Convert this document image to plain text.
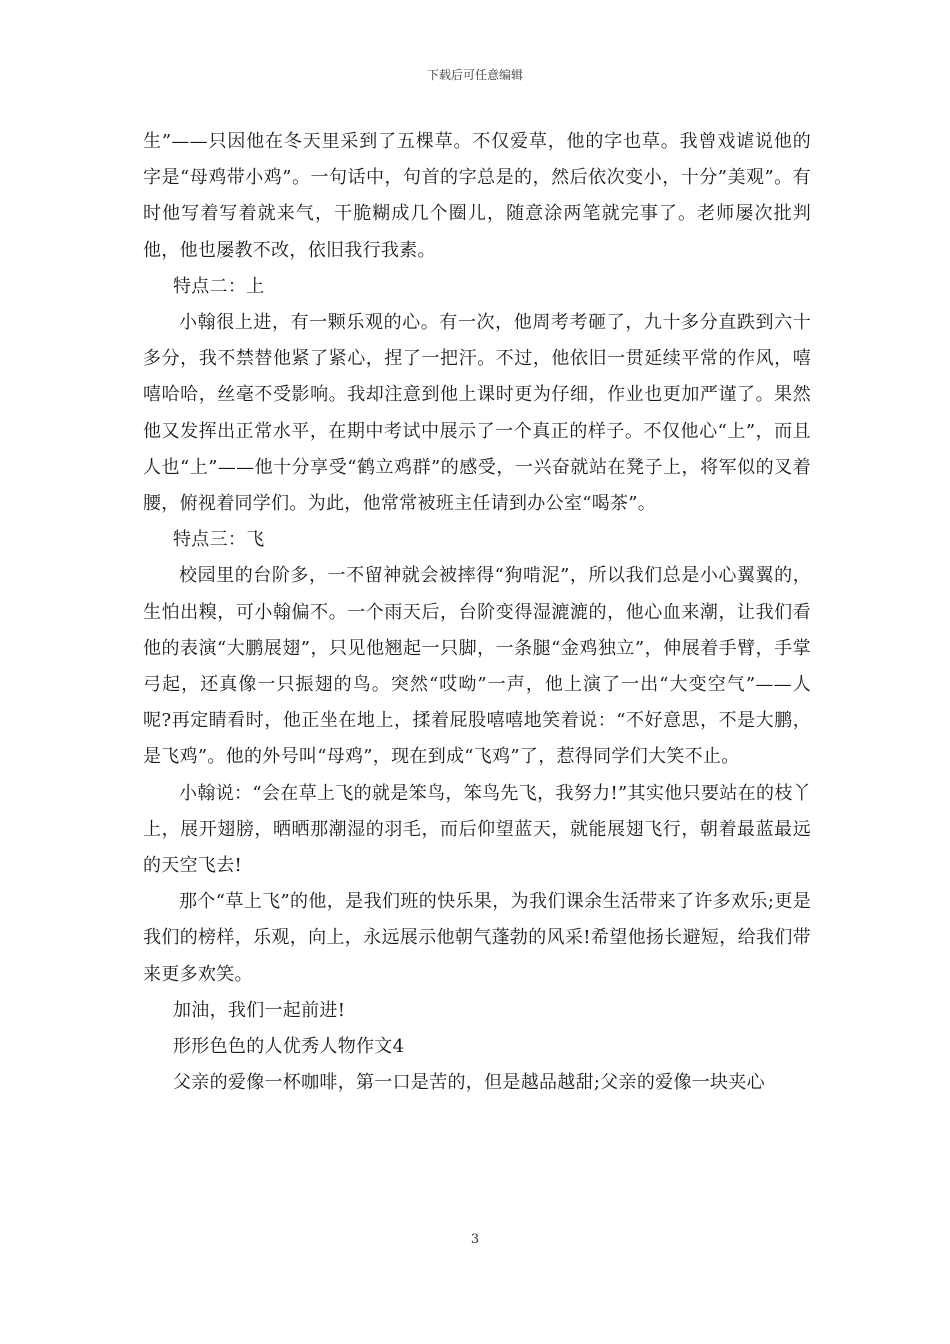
下载后可任意编辑

生”——只因他在冬天里采到了五棵草。不仅爱草，他的字也草。我曾戏谑说他的字是“母鸡带小鸡”。一句话中，句首的字总是的，然后依次变小，十分”美观”。有时他写着写着就来气，干脆糊成几个圈儿，随意涂两笔就完事了。老师屡次批判他，他也屡教不改，依旧我行我素。

特点二：上

小翰很上进，有一颗乐观的心。有一次，他周考考砸了，九十多分直跌到六十多分，我不禁替他紧了紧心，捏了一把汗。不过，他依旧一贯延续平常的作风，嘻嘻哈哈，丝毫不受影响。我却注意到他上课时更为仔细，作业也更加严谨了。果然他又发挥出正常水平，在期中考试中展示了一个真正的样子。不仅他心“上”，而且人也“上”——他十分享受“鹤立鸡群”的感受，一兴奋就站在凳子上，将军似的叉着腰，俯视着同学们。为此，他常常被班主任请到办公室“喝茶”。

特点三：飞

校园里的台阶多，一不留神就会被摔得“狗啃泥”，所以我们总是小心翼翼的，生怕出糗，可小翰偏不。一个雨天后，台阶变得湿漉漉的，他心血来潮，让我们看他的表演“大鹏展翅”，只见他翘起一只脚，一条腿“金鸡独立”，伸展着手臂，手掌弓起，还真像一只振翅的鸟。突然“哎呦”一声，他上演了一出“大变空气”——人呢?再定睛看时，他正坐在地上，揉着屁股嘻嘻地笑着说：“不好意思，不是大鹏，是飞鸡”。他的外号叫“母鸡”，现在到成“飞鸡”了，惹得同学们大笑不止。

小翰说：“会在草上飞的就是笨鸟，笨鸟先飞，我努力!”其实他只要站在的枝丫上，展开翅膀，晒晒那潮湿的羽毛，而后仰望蓝天，就能展翅飞行，朝着最蓝最远的天空飞去!

那个“草上飞”的他，是我们班的快乐果，为我们课余生活带来了许多欢乐;更是我们的榜样，乐观，向上，永远展示他朝气蓬勃的风采!希望他扬长避短，给我们带来更多欢笑。

加油，我们一起前进!

形形色色的人优秀人物作文4

父亲的爱像一杯咖啡，第一口是苦的，但是越品越甜;父亲的爱像一块夹心

3
